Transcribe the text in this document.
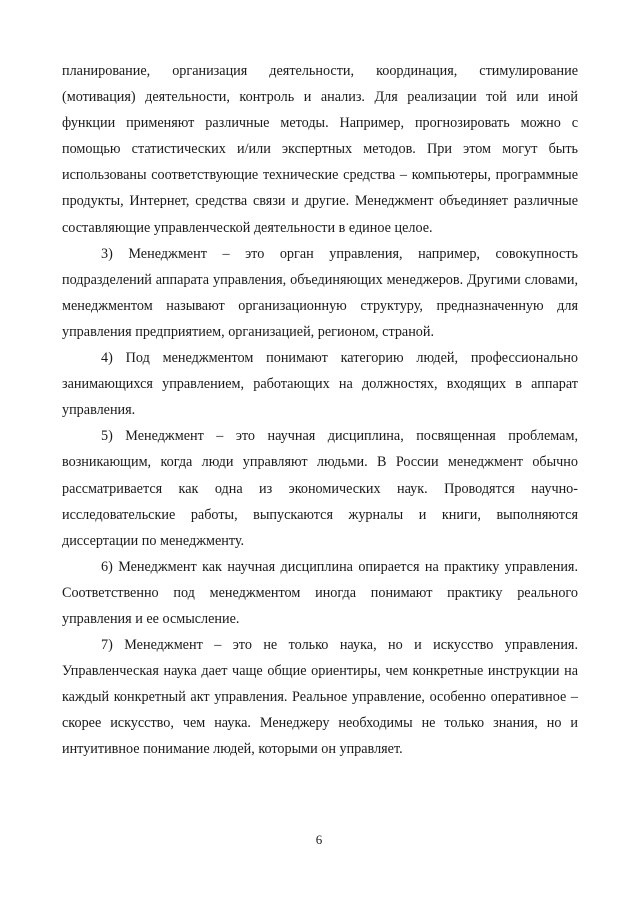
планирование, организация деятельности, координация, стимулирование (мотивация) деятельности, контроль и анализ. Для реализации той или иной функции применяют различные методы. Например, прогнозировать можно с помощью статистических и/или экспертных методов. При этом могут быть использованы соответствующие технические средства – компьютеры, программные продукты, Интернет, средства связи и другие. Менеджмент объединяет различные составляющие управленческой деятельности в единое целое.

3) Менеджмент – это орган управления, например, совокупность подразделений аппарата управления, объединяющих менеджеров. Другими словами, менеджментом называют организационную структуру, предназначенную для управления предприятием, организацией, регионом, страной.

4) Под менеджментом понимают категорию людей, профессионально занимающихся управлением, работающих на должностях, входящих в аппарат управления.

5) Менеджмент – это научная дисциплина, посвященная проблемам, возникающим, когда люди управляют людьми. В России менеджмент обычно рассматривается как одна из экономических наук. Проводятся научно-исследовательские работы, выпускаются журналы и книги, выполняются диссертации по менеджменту.

6) Менеджмент как научная дисциплина опирается на практику управления. Соответственно под менеджментом иногда понимают практику реального управления и ее осмысление.

7) Менеджмент – это не только наука, но и искусство управления. Управленческая наука дает чаще общие ориентиры, чем конкретные инструкции на каждый конкретный акт управления. Реальное управление, особенно оперативное – скорее искусство, чем наука. Менеджеру необходимы не только знания, но и интуитивное понимание людей, которыми он управляет.

6
